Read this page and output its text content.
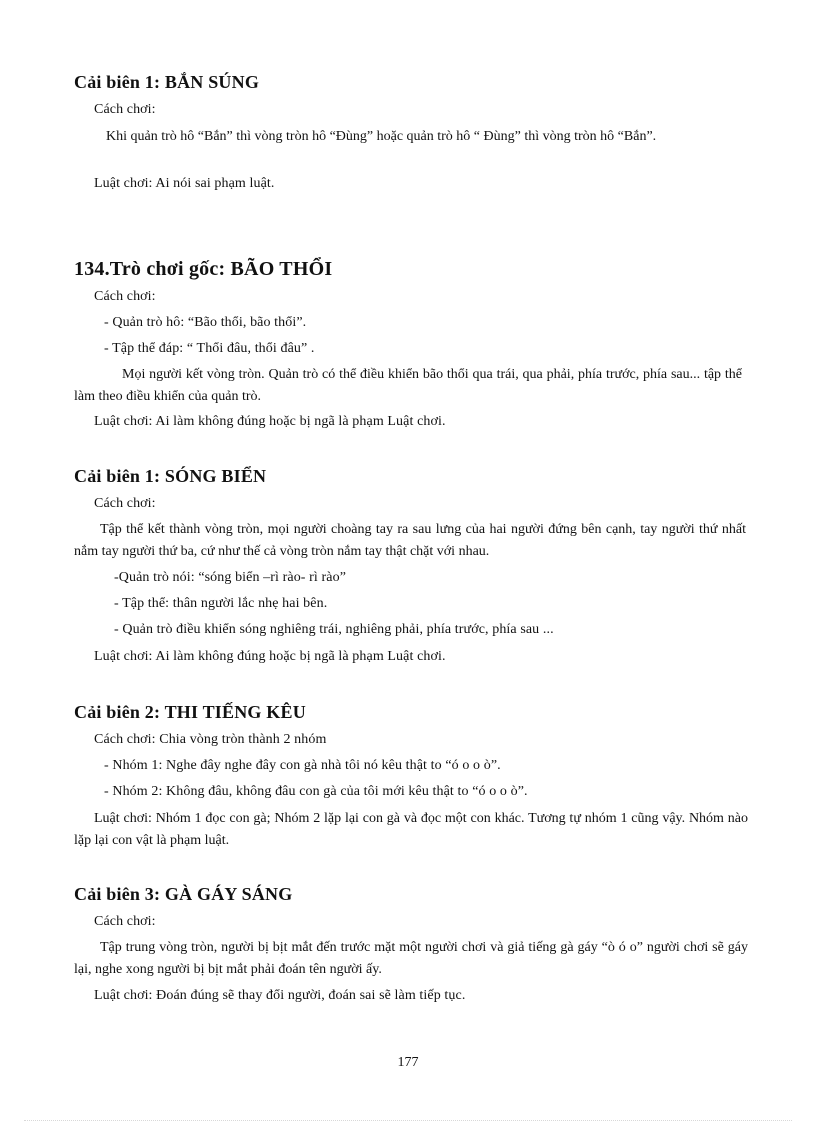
Cải biên 1: BẮN SÚNG

Cách chơi:

Khi quản trò hô “Bắn” thì vòng tròn hô “Đùng” hoặc quản trò hô “ Đùng” thì vòng tròn hô “Bắn”.

Luật chơi: Ai nói sai phạm luật.

134.Trò chơi gốc: BÃO THỔI

Cách chơi:

- Quản trò hô: “Bão thổi, bão thổi”.

- Tập thể đáp: “ Thổi đâu, thổi đâu” .

Mọi người kết vòng tròn. Quản trò có thể điều khiển bão thổi qua trái, qua phải, phía trước, phía sau... tập thể làm theo điều khiển của quản trò.

Luật chơi: Ai làm không đúng hoặc bị ngã là phạm Luật chơi.

Cải biên 1: SÓNG BIỂN

Cách chơi:

Tập thể kết thành vòng tròn, mọi người choàng tay ra sau lưng của hai người đứng bên cạnh, tay người thứ nhất nắm tay người thứ ba, cứ như thế cả vòng tròn nắm tay thật chặt với nhau.

-Quản trò nói: “sóng biển –rì rào- rì rào”

- Tập thể: thân người lắc nhẹ hai bên.

- Quản trò điều khiển sóng nghiêng trái, nghiêng phải, phía trước, phía sau ...

Luật chơi: Ai làm không đúng hoặc bị ngã là phạm Luật chơi.

Cải biên 2: THI TIẾNG KÊU

Cách chơi: Chia vòng tròn thành 2 nhóm

- Nhóm 1: Nghe đây nghe đây con gà nhà tôi nó kêu thật to “ó o o ò”.

- Nhóm 2: Không đâu, không đâu con gà của tôi mới kêu thật to “ó o o ò”.

Luật chơi: Nhóm 1 đọc con gà; Nhóm 2 lặp lại con gà và đọc một con khác. Tương tự nhóm 1 cũng vậy. Nhóm nào lặp lại con vật là phạm luật.

Cải biên 3: GÀ GÁY SÁNG

Cách chơi:

Tập trung vòng tròn, người bị bịt mắt đến trước mặt một người chơi và giả tiếng gà gáy “ò ó o” người chơi sẽ gáy lại, nghe xong người bị bịt mắt phải đoán tên người ấy.

Luật chơi: Đoán đúng sẽ thay đổi người, đoán sai sẽ làm tiếp tục.

177
